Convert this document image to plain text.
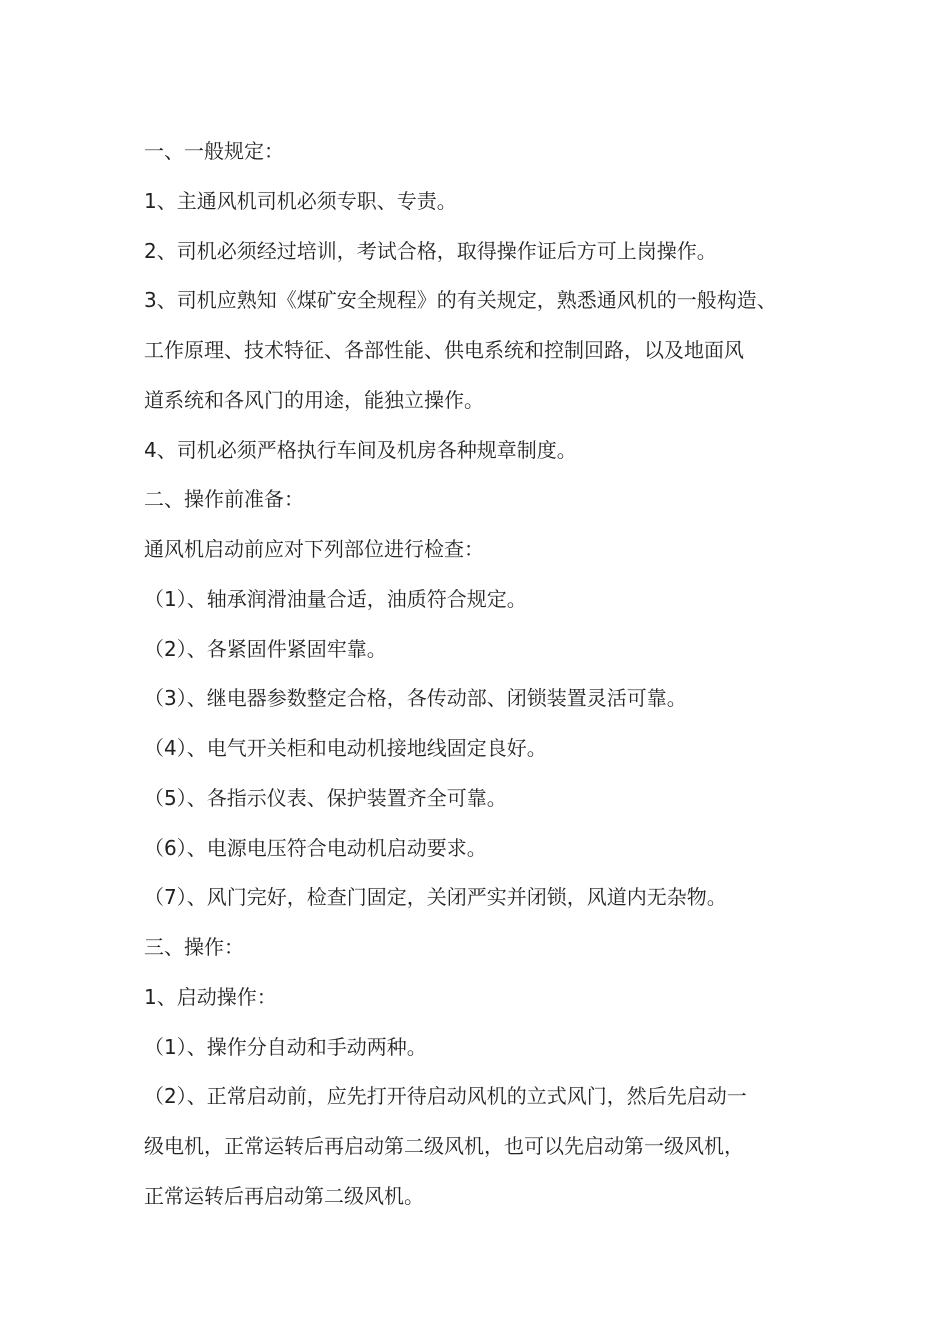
一、一般规定：
1、主通风机司机必须专职、专责。
2、司机必须经过培训，考试合格，取得操作证后方可上岗操作。
3、司机应熟知《煤矿安全规程》的有关规定，熟悉通风机的一般构造、
工作原理、技术特征、各部性能、供电系统和控制回路，以及地面风
道系统和各风门的用途，能独立操作。
4、司机必须严格执行车间及机房各种规章制度。
二、操作前准备：
通风机启动前应对下列部位进行检查：
（1）、轴承润滑油量合适，油质符合规定。
（2）、各紧固件紧固牢靠。
（3）、继电器参数整定合格，各传动部、闭锁装置灵活可靠。
（4）、电气开关柜和电动机接地线固定良好。
（5）、各指示仪表、保护装置齐全可靠。
（6）、电源电压符合电动机启动要求。
（7）、风门完好，检查门固定，关闭严实并闭锁，风道内无杂物。
三、操作：
1、启动操作：
（1）、操作分自动和手动两种。
（2）、正常启动前，应先打开待启动风机的立式风门，然后先启动一
级电机，正常运转后再启动第二级风机，也可以先启动第一级风机，
正常运转后再启动第二级风机。
